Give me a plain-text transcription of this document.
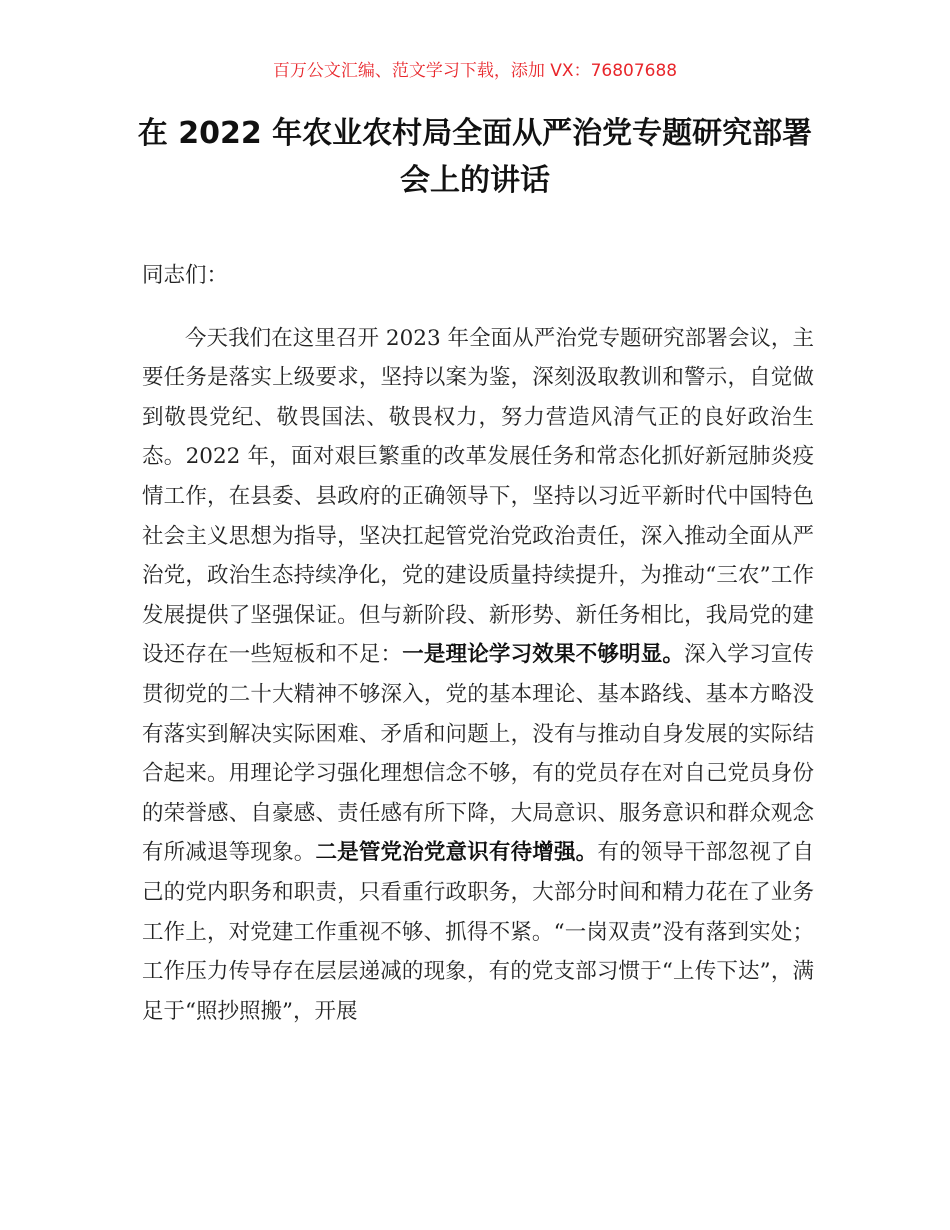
百万公文汇编、范文学习下载，添加 VX：76807688
在 2022 年农业农村局全面从严治党专题研究部署会上的讲话

同志们：

今天我们在这里召开 2023 年全面从严治党专题研究部署会议，主要任务是落实上级要求，坚持以案为鉴，深刻汲取教训和警示，自觉做到敬畏党纪、敬畏国法、敬畏权力，努力营造风清气正的良好政治生态。2022 年，面对艰巨繁重的改革发展任务和常态化抓好新冠肺炎疫情工作，在县委、县政府的正确领导下，坚持以习近平新时代中国特色社会主义思想为指导，坚决扛起管党治党政治责任，深入推动全面从严治党，政治生态持续净化，党的建设质量持续提升，为推动“三农”工作发展提供了坚强保证。但与新阶段、新形势、新任务相比，我局党的建设还存在一些短板和不足：一是理论学习效果不够明显。深入学习宣传贯彻党的二十大精神不够深入，党的基本理论、基本路线、基本方略没有落实到解决实际困难、矛盾和问题上，没有与推动自身发展的实际结合起来。用理论学习强化理想信念不够，有的党员存在对自己党员身份的荣誉感、自豪感、责任感有所下降，大局意识、服务意识和群众观念有所减退等现象。二是管党治党意识有待增强。有的领导干部忽视了自己的党内职务和职责，只看重行政职务，大部分时间和精力花在了业务工作上，对党建工作重视不够、抓得不紧。“一岗双责”没有落到实处；工作压力传导存在层层递减的现象，有的党支部习惯于“上传下达”，满足于“照抄照搬”，开展
